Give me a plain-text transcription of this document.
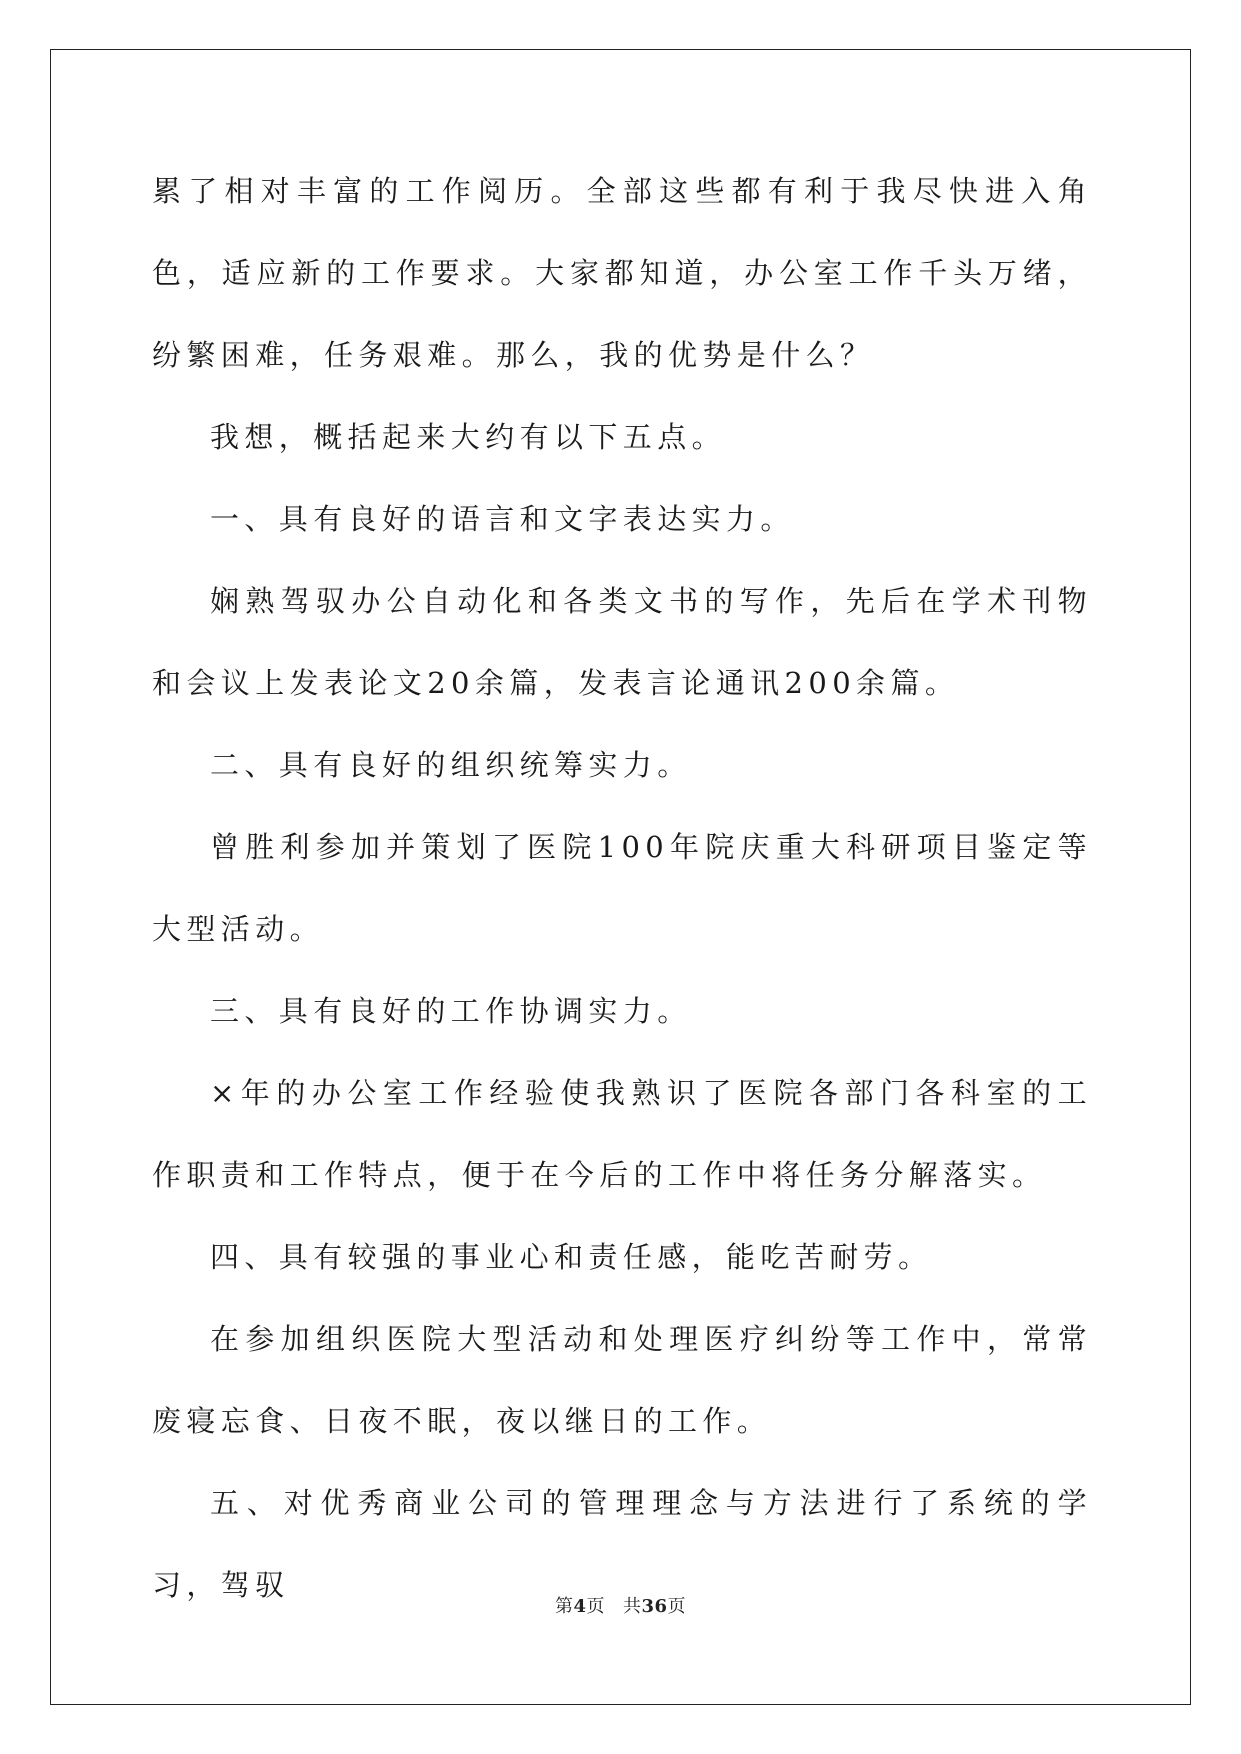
累了相对丰富的工作阅历。全部这些都有利于我尽快进入角色，适应新的工作要求。大家都知道，办公室工作千头万绪，纷繁困难，任务艰难。那么，我的优势是什么？

我想，概括起来大约有以下五点。

一、具有良好的语言和文字表达实力。

娴熟驾驭办公自动化和各类文书的写作，先后在学术刊物和会议上发表论文20余篇，发表言论通讯200余篇。

二、具有良好的组织统筹实力。

曾胜利参加并策划了医院100年院庆重大科研项目鉴定等大型活动。

三、具有良好的工作协调实力。

×年的办公室工作经验使我熟识了医院各部门各科室的工作职责和工作特点，便于在今后的工作中将任务分解落实。

四、具有较强的事业心和责任感，能吃苦耐劳。

在参加组织医院大型活动和处理医疗纠纷等工作中，常常废寝忘食、日夜不眠，夜以继日的工作。

五、对优秀商业公司的管理理念与方法进行了系统的学习，驾驭

第4页 共36页
